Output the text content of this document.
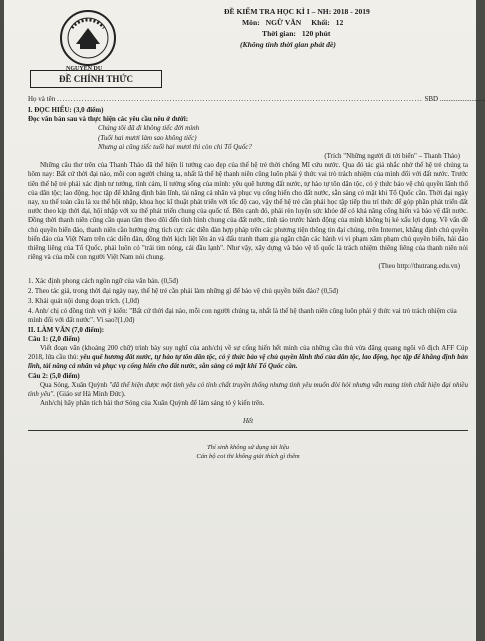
NGUYỄN DU
ĐỀ KIỂM TRA HỌC KÌ I – NH: 2018 - 2019
Môn: NGỮ VĂN Khối: 12
Thời gian: 120 phút
(Không tính thời gian phát đề)
ĐỀ CHÍNH THỨC
Họ và tên ..................................................................................................................................... SBD ..........................

I. ĐỌC HIỂU: (3,0 điểm)

Đọc văn bản sau và thực hiện các yêu cầu nêu ở dưới:

Chúng tôi đã đi không tiếc đời mình

(Tuổi hai mươi làm sao không tiếc)

Nhưng ai cũng tiếc tuổi hai mươi thì còn chi Tổ Quốc?

(Trích "Những người đi tới biển" – Thanh Thảo)

Những câu thơ trên của Thanh Thảo đã thể hiện lí tưởng cao đẹp của thế hệ trẻ thời chống Mĩ cứu nước. Qua đó tác giả nhắc nhở thế hệ trẻ chúng ta hôm nay: Bất cứ thời đại nào, mỗi con người chúng ta, nhất là thế hệ thanh niên cũng luôn phải ý thức vai trò trách nhiệm của mình đối với đất nước. Trước tiên thế hệ trẻ phải xác định tư tưởng, tình cảm, lí tưởng sống của mình: yêu quê hương đất nước, tự hào tự tôn dân tộc, có ý thức bảo vệ chủ quyền lãnh thổ của dân tộc; lao động, học tập để khẳng định bản lĩnh, tài năng cá nhân và phục vụ cống hiến cho đất nước, sẵn sàng có mặt khi Tổ Quốc cần. Thời đại ngày nay, xu thế toàn cầu là xu thế hội nhập, khoa học kĩ thuật phát triển với tốc độ cao, vậy thế hệ trẻ cần phải học tập tiếp thu trí thức để góp phần phát triển đất nước theo kịp thời đại, hội nhập với xu thế phát triển chung của quốc tế. Bên cạnh đó, phải rèn luyện sức khỏe để có khả năng cống hiến và bảo vệ đất nước. Đồng thời thanh niên cũng cần quan tâm theo dõi đến tình hình chung của đất nước, tình táo trước hành động của mình không bị kẻ xấu lợi dụng. Về vấn đề chủ quyền biển đảo, thanh niên cần hưởng ứng tích cực các diễn đàn hợp pháp trên các phương tiện thông tin đại chúng, trên Internet, khẳng định chủ quyền biển đảo của Việt Nam trên các diễn đàn, đồng thời kịch liệt lên án và đấu tranh tham gia ngăn chặn các hành vi vi phạm xâm phạm chủ quyền biển, hải đảo thiêng liêng của Tổ Quốc, phải luôn có "trái tim nóng, cái đầu lạnh". Như vậy, xây dựng và bảo vệ tổ quốc là trách nhiệm thiêng liêng của thanh niên nói riêng và của mỗi con người Việt Nam nói chung.

(Theo http://thutrang.edu.vn)

1. Xác định phong cách ngôn ngữ của văn bản. (0,5đ)

2. Theo tác giả, trong thời đại ngày nay, thế hệ trẻ cần phải làm những gì để bảo vệ chủ quyền biển đảo? (0,5đ)

3. Khái quát nội dung đoạn trích. (1,0đ)

4. Anh/ chị có đồng tình với ý kiến: "Bất cứ thời đại nào, mỗi con người chúng ta, nhất là thế hệ thanh niên cũng luôn phải ý thức vai trò trách nhiệm của mình đối với đất nước". Vì sao?(1,0đ)

II. LÀM VĂN (7,0 điểm):

Câu 1: (2,0 điểm)

Viết đoạn văn (khoảng 200 chữ) trình bày suy nghĩ của anh/chị về sự cống hiến hết mình của những cầu thủ vừa đăng quang ngôi vô địch AFF Cúp 2018, lứa cầu thủ: yêu quê hương đất nước, tự hào tự tôn dân tộc, có ý thức bảo vệ chủ quyền lãnh thổ của dân tộc, lao động, học tập để khẳng định bản lĩnh, tài năng cá nhân và phục vụ cống hiến cho đất nước, sẵn sàng có mặt khi Tổ Quốc cần.

Câu 2: (5,0 điểm)

Qua Sóng, Xuân Quỳnh "đã thể hiện được một tình yêu có tính chất truyền thống nhưng tình yêu muốn đòi hỏi nhưng vẫn mang tính chất hiện đại nhiều tình yêu". (Giáo sư Hà Minh Đức).

Anh/chị hãy phân tích bài thơ Sóng của Xuân Quỳnh để làm sáng tỏ ý kiến trên.

Hết

Thí sinh không sử dụng tài liệu

Cán bộ coi thi không giải thích gì thêm
